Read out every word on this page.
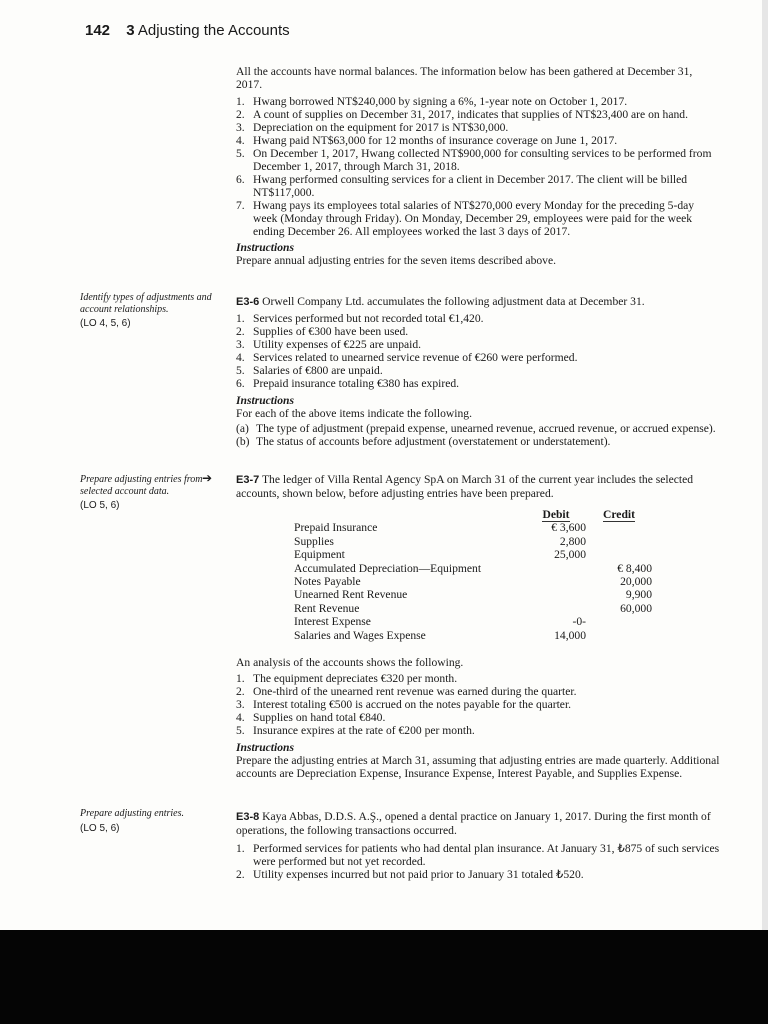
142 3 Adjusting the Accounts

All the accounts have normal balances. The information below has been gathered at December 31, 2017.

1. Hwang borrowed NT$240,000 by signing a 6%, 1-year note on October 1, 2017.
2. A count of supplies on December 31, 2017, indicates that supplies of NT$23,400 are on hand.
3. Depreciation on the equipment for 2017 is NT$30,000.
4. Hwang paid NT$63,000 for 12 months of insurance coverage on June 1, 2017.
5. On December 1, 2017, Hwang collected NT$900,000 for consulting services to be performed from December 1, 2017, through March 31, 2018.
6. Hwang performed consulting services for a client in December 2017. The client will be billed NT$117,000.
7. Hwang pays its employees total salaries of NT$270,000 every Monday for the preceding 5-day week (Monday through Friday). On Monday, December 29, employees were paid for the week ending December 26. All employees worked the last 3 days of 2017.

Instructions

Prepare annual adjusting entries for the seven items described above.

Identify types of adjustments and account relationships.
(LO 4, 5, 6)

E3-6 Orwell Company Ltd. accumulates the following adjustment data at December 31.

1. Services performed but not recorded total €1,420.
2. Supplies of €300 have been used.
3. Utility expenses of €225 are unpaid.
4. Services related to unearned service revenue of €260 were performed.
5. Salaries of €800 are unpaid.
6. Prepaid insurance totaling €380 has expired.

Instructions

For each of the above items indicate the following.

(a) The type of adjustment (prepaid expense, unearned revenue, accrued revenue, or accrued expense).
(b) The status of accounts before adjustment (overstatement or understatement).
Prepare adjusting entries from selected account data.
(LO 5, 6)
➔ E3-7 The ledger of Villa Rental Agency SpA on March 31 of the current year includes the selected accounts, shown below, before adjusting entries have been prepared.

	Debit	Credit
Prepaid Insurance	€ 3,600	
Supplies	2,800	
Equipment	25,000	
Accumulated Depreciation—Equipment		€ 8,400
Notes Payable		20,000
Unearned Rent Revenue		9,900
Rent Revenue		60,000
Interest Expense	-0-	
Salaries and Wages Expense	14,000	

An analysis of the accounts shows the following.

1. The equipment depreciates €320 per month.
2. One-third of the unearned rent revenue was earned during the quarter.
3. Interest totaling €500 is accrued on the notes payable for the quarter.
4. Supplies on hand total €840.
5. Insurance expires at the rate of €200 per month.

Instructions

Prepare the adjusting entries at March 31, assuming that adjusting entries are made quarterly. Additional accounts are Depreciation Expense, Insurance Expense, Interest Payable, and Supplies Expense.

Prepare adjusting entries.
(LO 5, 6)

E3-8 Kaya Abbas, D.D.S. A.Ş., opened a dental practice on January 1, 2017. During the first month of operations, the following transactions occurred.

1. Performed services for patients who had dental plan insurance. At January 31, ₺875 of such services were performed but not yet recorded.
2. Utility expenses incurred but not paid prior to January 31 totaled ₺520.
